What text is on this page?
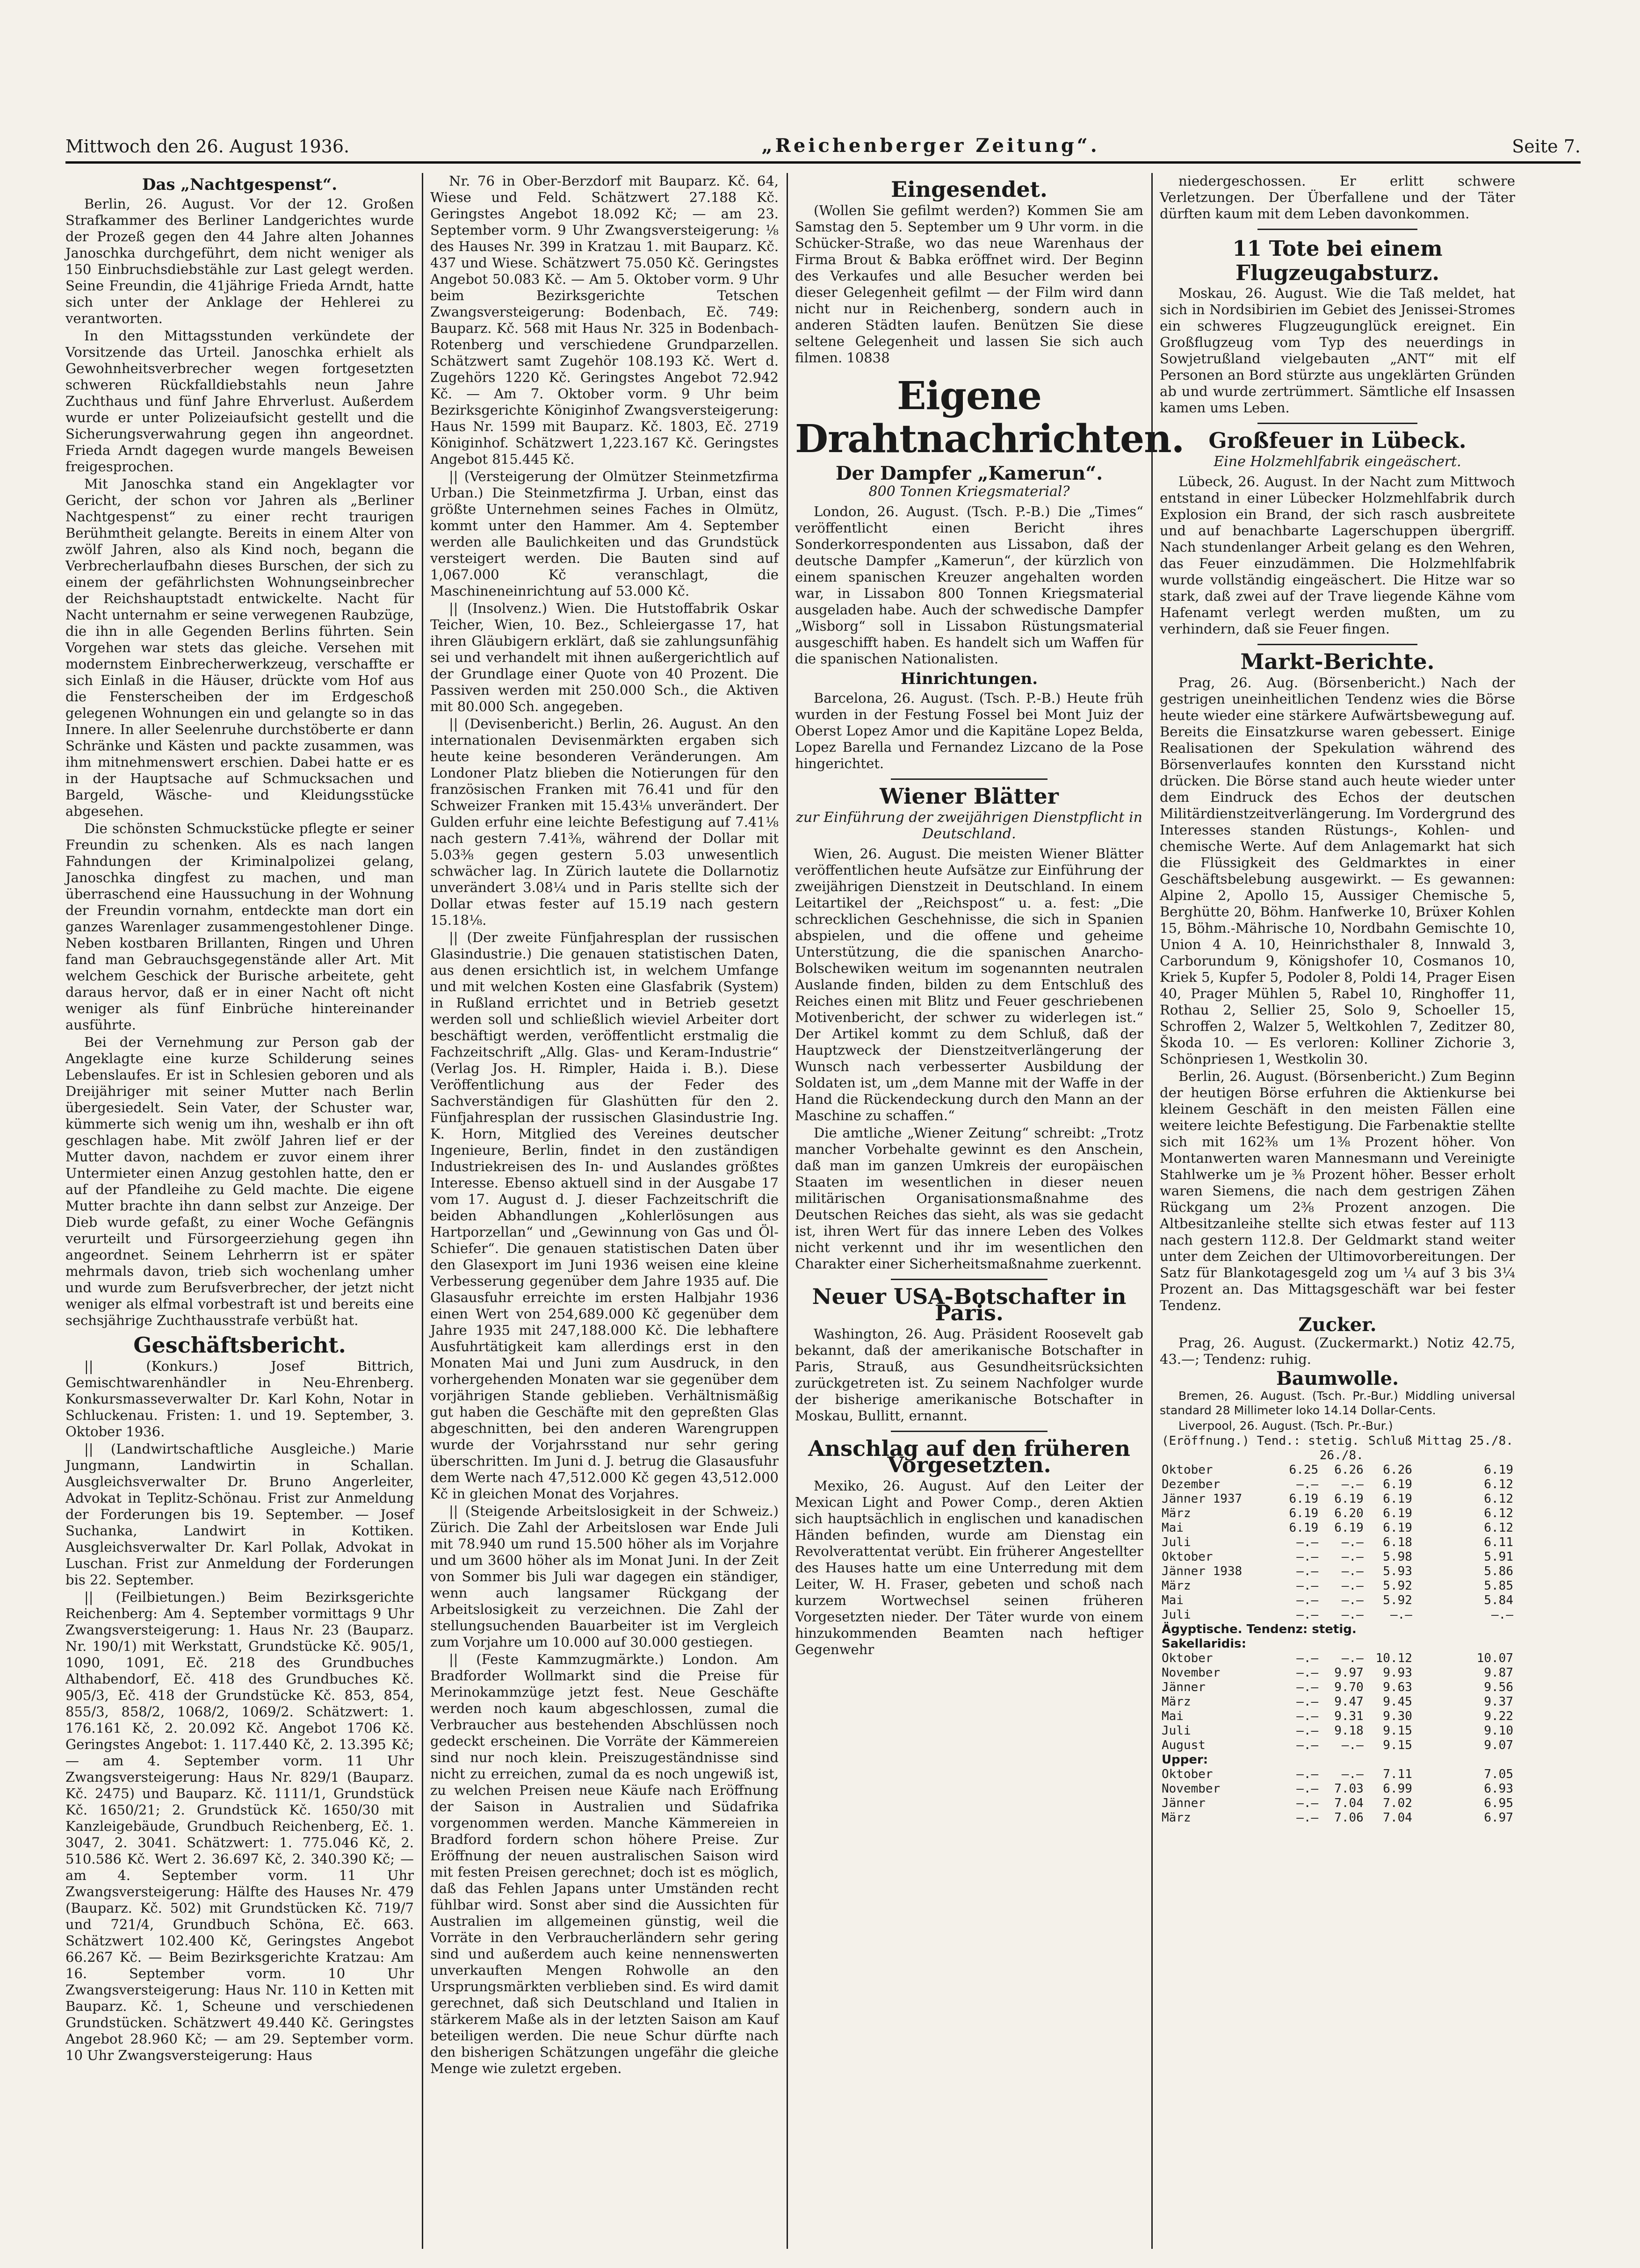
Mittwoch den 26. August 1936.	„Reichenberger Zeitung“.	Seite 7.
Das „Nachtgespenst“.

Berlin, 26. August. Vor der 12. Großen Strafkammer des Berliner Landgerichtes wurde der Prozeß gegen den 44 Jahre alten Johannes Janoschka durchgeführt, dem nicht weniger als 150 Einbruchsdiebstähle zur Last gelegt werden. Seine Freundin, die 41jährige Frieda Arndt, hatte sich unter der Anklage der Hehlerei zu verantworten.

In den Mittagsstunden verkündete der Vorsitzende das Urteil. Janoschka erhielt als Gewohnheitsverbrecher wegen fortgesetzten schweren Rückfalldiebstahls neun Jahre Zuchthaus und fünf Jahre Ehrverlust. Außerdem wurde er unter Polizeiaufsicht gestellt und die Sicherungsverwahrung gegen ihn angeordnet. Frieda Arndt dagegen wurde mangels Beweisen freigesprochen.

Mit Janoschka stand ein Angeklagter vor Gericht, der schon vor Jahren als „Berliner Nachtgespenst“ zu einer recht traurigen Berühmtheit gelangte. Bereits in einem Alter von zwölf Jahren, also als Kind noch, begann die Verbrecherlaufbahn dieses Burschen, der sich zu einem der gefährlichsten Wohnungseinbrecher der Reichshauptstadt entwickelte. Nacht für Nacht unternahm er seine verwegenen Raubzüge, die ihn in alle Gegenden Berlins führten. Sein Vorgehen war stets das gleiche. Versehen mit modernstem Einbrecherwerkzeug, verschaffte er sich Einlaß in die Häuser, drückte vom Hof aus die Fensterscheiben der im Erdgeschoß gelegenen Wohnungen ein und gelangte so in das Innere. In aller Seelenruhe durchstöberte er dann Schränke und Kästen und packte zusammen, was ihm mitnehmenswert erschien. Dabei hatte er es in der Hauptsache auf Schmucksachen und Bargeld, Wäsche- und Kleidungsstücke abgesehen.

Die schönsten Schmuckstücke pflegte er seiner Freundin zu schenken. Als es nach langen Fahndungen der Kriminalpolizei gelang, Janoschka dingfest zu machen, und man überraschend eine Haussuchung in der Wohnung der Freundin vornahm, entdeckte man dort ein ganzes Warenlager zusammengestohlener Dinge. Neben kostbaren Brillanten, Ringen und Uhren fand man Gebrauchsgegenstände aller Art. Mit welchem Geschick der Burische arbeitete, geht daraus hervor, daß er in einer Nacht oft nicht weniger als fünf Einbrüche hintereinander ausführte.

Bei der Vernehmung zur Person gab der Angeklagte eine kurze Schilderung seines Lebenslaufes. Er ist in Schlesien geboren und als Dreijähriger mit seiner Mutter nach Berlin übergesiedelt. Sein Vater, der Schuster war, kümmerte sich wenig um ihn, weshalb er ihn oft geschlagen habe. Mit zwölf Jahren lief er der Mutter davon, nachdem er zuvor einem ihrer Untermieter einen Anzug gestohlen hatte, den er auf der Pfandleihe zu Geld machte. Die eigene Mutter brachte ihn dann selbst zur Anzeige. Der Dieb wurde gefaßt, zu einer Woche Gefängnis verurteilt und Fürsorgeerziehung gegen ihn angeordnet. Seinem Lehrherrn ist er später mehrmals davon, trieb sich wochenlang umher und wurde zum Berufsverbrecher, der jetzt nicht weniger als elfmal vorbestraft ist und bereits eine sechsjährige Zuchthausstrafe verbüßt hat.

Geschäftsbericht.

|| (Konkurs.) Josef Bittrich, Gemischtwarenhändler in Neu-Ehrenberg. Konkursmasseverwalter Dr. Karl Kohn, Notar in Schluckenau. Fristen: 1. und 19. September, 3. Oktober 1936.

|| (Landwirtschaftliche Ausgleiche.) Marie Jungmann, Landwirtin in Schallan. Ausgleichsverwalter Dr. Bruno Angerleiter, Advokat in Teplitz-Schönau. Frist zur Anmeldung der Forderungen bis 19. September. — Josef Suchanka, Landwirt in Kottiken. Ausgleichsverwalter Dr. Karl Pollak, Advokat in Luschan. Frist zur Anmeldung der Forderungen bis 22. September.

|| (Feilbietungen.) Beim Bezirksgerichte Reichenberg: Am 4. September vormittags 9 Uhr Zwangsversteigerung: 1. Haus Nr. 23 (Bauparz. Nr. 190/1) mit Werkstatt, Grundstücke Kč. 905/1, 1090, 1091, Eč. 218 des Grundbuches Althabendorf, Eč. 418 des Grundbuches Kč. 905/3, Eč. 418 der Grundstücke Kč. 853, 854, 855/3, 858/2, 1068/2, 1069/2. Schätzwert: 1. 176.161 Kč, 2. 20.092 Kč. Angebot 1706 Kč. Geringstes Angebot: 1. 117.440 Kč, 2. 13.395 Kč; — am 4. September vorm. 11 Uhr Zwangsversteigerung: Haus Nr. 829/1 (Bauparz. Kč. 2475) und Bauparz. Kč. 1111/1, Grundstück Kč. 1650/21; 2. Grundstück Kč. 1650/30 mit Kanzleigebäude, Grundbuch Reichenberg, Eč. 1. 3047, 2. 3041. Schätzwert: 1. 775.046 Kč, 2. 510.586 Kč. Wert 2. 36.697 Kč, 2. 340.390 Kč; — am 4. September vorm. 11 Uhr Zwangsversteigerung: Hälfte des Hauses Nr. 479 (Bauparz. Kč. 502) mit Grundstücken Kč. 719/7 und 721/4, Grundbuch Schöna, Eč. 663. Schätzwert 102.400 Kč, Geringstes Angebot 66.267 Kč. — Beim Bezirksgerichte Kratzau: Am 16. September vorm. 10 Uhr Zwangsversteigerung: Haus Nr. 110 in Ketten mit Bauparz. Kč. 1, Scheune und verschiedenen Grundstücken. Schätzwert 49.440 Kč. Geringstes Angebot 28.960 Kč; — am 29. September vorm. 10 Uhr Zwangsversteigerung: Haus

Nr. 76 in Ober-Berzdorf mit Bauparz. Kč. 64, Wiese und Feld. Schätzwert 27.188 Kč. Geringstes Angebot 18.092 Kč; — am 23. September vorm. 9 Uhr Zwangsversteigerung: ⅛ des Hauses Nr. 399 in Kratzau 1. mit Bauparz. Kč. 437 und Wiese. Schätzwert 75.050 Kč. Geringstes Angebot 50.083 Kč. — Am 5. Oktober vorm. 9 Uhr beim Bezirksgerichte Tetschen Zwangsversteigerung: Bodenbach, Eč. 749: Bauparz. Kč. 568 mit Haus Nr. 325 in Bodenbach-Rotenberg und verschiedene Grundparzellen. Schätzwert samt Zugehör 108.193 Kč. Wert d. Zugehörs 1220 Kč. Geringstes Angebot 72.942 Kč. — Am 7. Oktober vorm. 9 Uhr beim Bezirksgerichte Königinhof Zwangsversteigerung: Haus Nr. 1599 mit Bauparz. Kč. 1803, Eč. 2719 Königinhof. Schätzwert 1,223.167 Kč. Geringstes Angebot 815.445 Kč.

|| (Versteigerung der Olmützer Steinmetzfirma Urban.) Die Steinmetzfirma J. Urban, einst das größte Unternehmen seines Faches in Olmütz, kommt unter den Hammer. Am 4. September werden alle Baulichkeiten und das Grundstück versteigert werden. Die Bauten sind auf 1,067.000 Kč veranschlagt, die Maschineneinrichtung auf 53.000 Kč.

|| (Insolvenz.) Wien. Die Hutstoffabrik Oskar Teicher, Wien, 10. Bez., Schleiergasse 17, hat ihren Gläubigern erklärt, daß sie zahlungsunfähig sei und verhandelt mit ihnen außergerichtlich auf der Grundlage einer Quote von 40 Prozent. Die Passiven werden mit 250.000 Sch., die Aktiven mit 80.000 Sch. angegeben.

|| (Devisenbericht.) Berlin, 26. August. An den internationalen Devisenmärkten ergaben sich heute keine besonderen Veränderungen. Am Londoner Platz blieben die Notierungen für den französischen Franken mit 76.41 und für den Schweizer Franken mit 15.43⅛ unverändert. Der Gulden erfuhr eine leichte Befestigung auf 7.41⅛ nach gestern 7.41⅜, während der Dollar mit 5.03⅜ gegen gestern 5.03 unwesentlich schwächer lag. In Zürich lautete die Dollarnotiz unverändert 3.08¼ und in Paris stellte sich der Dollar etwas fester auf 15.19 nach gestern 15.18⅛.

|| (Der zweite Fünfjahresplan der russischen Glasindustrie.) Die genauen statistischen Daten, aus denen ersichtlich ist, in welchem Umfange und mit welchen Kosten eine Glasfabrik (System) in Rußland errichtet und in Betrieb gesetzt werden soll und schließlich wieviel Arbeiter dort beschäftigt werden, veröffentlicht erstmalig die Fachzeitschrift „Allg. Glas- und Keram-Industrie“ (Verlag Jos. H. Rimpler, Haida i. B.). Diese Veröffentlichung aus der Feder des Sachverständigen für Glashütten für den 2. Fünfjahresplan der russischen Glasindustrie Ing. K. Horn, Mitglied des Vereines deutscher Ingenieure, Berlin, findet in den zuständigen Industriekreisen des In- und Auslandes größtes Interesse. Ebenso aktuell sind in der Ausgabe 17 vom 17. August d. J. dieser Fachzeitschrift die beiden Abhandlungen „Kohlerlösungen aus Hartporzellan“ und „Gewinnung von Gas und Öl-Schiefer“. Die genauen statistischen Daten über den Glasexport im Juni 1936 weisen eine kleine Verbesserung gegenüber dem Jahre 1935 auf. Die Glasausfuhr erreichte im ersten Halbjahr 1936 einen Wert von 254,689.000 Kč gegenüber dem Jahre 1935 mit 247,188.000 Kč. Die lebhaftere Ausfuhrtätigkeit kam allerdings erst in den Monaten Mai und Juni zum Ausdruck, in den vorhergehenden Monaten war sie gegenüber dem vorjährigen Stande geblieben. Verhältnismäßig gut haben die Geschäfte mit den gepreßten Glas abgeschnitten, bei den anderen Warengruppen wurde der Vorjahrsstand nur sehr gering überschritten. Im Juni d. J. betrug die Glasausfuhr dem Werte nach 47,512.000 Kč gegen 43,512.000 Kč in gleichen Monat des Vorjahres.

|| (Steigende Arbeitslosigkeit in der Schweiz.) Zürich. Die Zahl der Arbeitslosen war Ende Juli mit 78.940 um rund 15.500 höher als im Vorjahre und um 3600 höher als im Monat Juni. In der Zeit von Sommer bis Juli war dagegen ein ständiger, wenn auch langsamer Rückgang der Arbeitslosigkeit zu verzeichnen. Die Zahl der stellungsuchenden Bauarbeiter ist im Vergleich zum Vorjahre um 10.000 auf 30.000 gestiegen.

|| (Feste Kammzugmärkte.) London. Am Bradforder Wollmarkt sind die Preise für Merinokammzüge jetzt fest. Neue Geschäfte werden noch kaum abgeschlossen, zumal die Verbraucher aus bestehenden Abschlüssen noch gedeckt erscheinen. Die Vorräte der Kämmereien sind nur noch klein. Preiszugeständnisse sind nicht zu erreichen, zumal da es noch ungewiß ist, zu welchen Preisen neue Käufe nach Eröffnung der Saison in Australien und Südafrika vorgenommen werden. Manche Kämmereien in Bradford fordern schon höhere Preise. Zur Eröffnung der neuen australischen Saison wird mit festen Preisen gerechnet; doch ist es möglich, daß das Fehlen Japans unter Umständen recht fühlbar wird. Sonst aber sind die Aussichten für Australien im allgemeinen günstig, weil die Vorräte in den Verbraucherländern sehr gering sind und außerdem auch keine nennenswerten unverkauften Mengen Rohwolle an den Ursprungsmärkten verblieben sind. Es wird damit gerechnet, daß sich Deutschland und Italien in stärkerem Maße als in der letzten Saison am Kauf beteiligen werden. Die neue Schur dürfte nach den bisherigen Schätzungen ungefähr die gleiche Menge wie zuletzt ergeben.

Eingesendet.

(Wollen Sie gefilmt werden?) Kommen Sie am Samstag den 5. September um 9 Uhr vorm. in die Schücker-Straße, wo das neue Warenhaus der Firma Brout & Babka eröffnet wird. Der Beginn des Verkaufes und alle Besucher werden bei dieser Gelegenheit gefilmt — der Film wird dann nicht nur in Reichenberg, sondern auch in anderen Städten laufen. Benützen Sie diese seltene Gelegenheit und lassen Sie sich auch filmen. 10838

Eigene Drahtnachrichten.
Der Dampfer „Kamerun“.
800 Tonnen Kriegsmaterial?

London, 26. August. (Tsch. P.-B.) Die „Times“ veröffentlicht einen Bericht ihres Sonderkorrespondenten aus Lissabon, daß der deutsche Dampfer „Kamerun“, der kürzlich von einem spanischen Kreuzer angehalten worden war, in Lissabon 800 Tonnen Kriegsmaterial ausgeladen habe. Auch der schwedische Dampfer „Wisborg“ soll in Lissabon Rüstungsmaterial ausgeschifft haben. Es handelt sich um Waffen für die spanischen Nationalisten.

Hinrichtungen.

Barcelona, 26. August. (Tsch. P.-B.) Heute früh wurden in der Festung Fossel bei Mont Juiz der Oberst Lopez Amor und die Kapitäne Lopez Belda, Lopez Barella und Fernandez Lizcano de la Pose hingerichtet.

Wiener Blätter
zur Einführung der zweijährigen Dienstpflicht in Deutschland.

Wien, 26. August. Die meisten Wiener Blätter veröffentlichen heute Aufsätze zur Einführung der zweijährigen Dienstzeit in Deutschland. In einem Leitartikel der „Reichspost“ u. a. fest: „Die schrecklichen Geschehnisse, die sich in Spanien abspielen, und die offene und geheime Unterstützung, die die spanischen Anarcho-Bolschewiken weitum im sogenannten neutralen Auslande finden, bilden zu dem Entschluß des Reiches einen mit Blitz und Feuer geschriebenen Motivenbericht, der schwer zu widerlegen ist.“ Der Artikel kommt zu dem Schluß, daß der Hauptzweck der Dienstzeitverlängerung der Wunsch nach verbesserter Ausbildung der Soldaten ist, um „dem Manne mit der Waffe in der Hand die Rückendeckung durch den Mann an der Maschine zu schaffen.“

Die amtliche „Wiener Zeitung“ schreibt: „Trotz mancher Vorbehalte gewinnt es den Anschein, daß man im ganzen Umkreis der europäischen Staaten im wesentlichen in dieser neuen militärischen Organisationsmaßnahme des Deutschen Reiches das sieht, als was sie gedacht ist, ihren Wert für das innere Leben des Volkes nicht verkennt und ihr im wesentlichen den Charakter einer Sicherheitsmaßnahme zuerkennt.

Neuer USA-Botschafter in Paris.

Washington, 26. Aug. Präsident Roosevelt gab bekannt, daß der amerikanische Botschafter in Paris, Strauß, aus Gesundheitsrücksichten zurückgetreten ist. Zu seinem Nachfolger wurde der bisherige amerikanische Botschafter in Moskau, Bullitt, ernannt.

Anschlag auf den früheren Vorgesetzten.

Mexiko, 26. August. Auf den Leiter der Mexican Light and Power Comp., deren Aktien sich hauptsächlich in englischen und kanadischen Händen befinden, wurde am Dienstag ein Revolverattentat verübt. Ein früherer Angestellter des Hauses hatte um eine Unterredung mit dem Leiter, W. H. Fraser, gebeten und schoß nach kurzem Wortwechsel seinen früheren Vorgesetzten nieder. Der Täter wurde von einem hinzukommenden Beamten nach heftiger Gegenwehr

niedergeschossen. Er erlitt schwere Verletzungen. Der Überfallene und der Täter dürften kaum mit dem Leben davonkommen.

11 Tote bei einem Flugzeugabsturz.

Moskau, 26. August. Wie die Taß meldet, hat sich in Nordsibirien im Gebiet des Jenissei-Stromes ein schweres Flugzeugunglück ereignet. Ein Großflugzeug vom Typ des neuerdings in Sowjetrußland vielgebauten „ANT“ mit elf Personen an Bord stürzte aus ungeklärten Gründen ab und wurde zertrümmert. Sämtliche elf Insassen kamen ums Leben.

Großfeuer in Lübeck.
Eine Holzmehlfabrik eingeäschert.

Lübeck, 26. August. In der Nacht zum Mittwoch entstand in einer Lübecker Holzmehlfabrik durch Explosion ein Brand, der sich rasch ausbreitete und auf benachbarte Lagerschuppen übergriff. Nach stundenlanger Arbeit gelang es den Wehren, das Feuer einzudämmen. Die Holzmehlfabrik wurde vollständig eingeäschert. Die Hitze war so stark, daß zwei auf der Trave liegende Kähne vom Hafenamt verlegt werden mußten, um zu verhindern, daß sie Feuer fingen.

Markt-Berichte.

Prag, 26. Aug. (Börsenbericht.) Nach der gestrigen uneinheitlichen Tendenz wies die Börse heute wieder eine stärkere Aufwärtsbewegung auf. Bereits die Einsatzkurse waren gebessert. Einige Realisationen der Spekulation während des Börsenverlaufes konnten den Kursstand nicht drücken. Die Börse stand auch heute wieder unter dem Eindruck des Echos der deutschen Militärdienstzeitverlängerung. Im Vordergrund des Interesses standen Rüstungs-, Kohlen- und chemische Werte. Auf dem Anlagemarkt hat sich die Flüssigkeit des Geldmarktes in einer Geschäftsbelebung ausgewirkt. — Es gewannen: Alpine 2, Apollo 15, Aussiger Chemische 5, Berghütte 20, Böhm. Hanfwerke 10, Brüxer Kohlen 15, Böhm.-Mährische 10, Nordbahn Gemischte 10, Union 4 A. 10, Heinrichsthaler 8, Innwald 3, Carborundum 9, Königshofer 10, Cosmanos 10, Kriek 5, Kupfer 5, Podoler 8, Poldi 14, Prager Eisen 40, Prager Mühlen 5, Rabel 10, Ringhoffer 11, Rothau 2, Sellier 25, Solo 9, Schoeller 15, Schroffen 2, Walzer 5, Weltkohlen 7, Zeditzer 80, Škoda 10. — Es verloren: Kolliner Zichorie 3, Schönpriesen 1, Westkolin 30.

Berlin, 26. August. (Börsenbericht.) Zum Beginn der heutigen Börse erfuhren die Aktienkurse bei kleinem Geschäft in den meisten Fällen eine weitere leichte Befestigung. Die Farbenaktie stellte sich mit 162⅜ um 1⅜ Prozent höher. Von Montanwerten waren Mannesmann und Vereinigte Stahlwerke um je ⅜ Prozent höher. Besser erholt waren Siemens, die nach dem gestrigen Zähen Rückgang um 2⅜ Prozent anzogen. Die Altbesitzanleihe stellte sich etwas fester auf 113 nach gestern 112.8. Der Geldmarkt stand weiter unter dem Zeichen der Ultimovorbereitungen. Der Satz für Blankotagesgeld zog um ¼ auf 3 bis 3¼ Prozent an. Das Mittagsgeschäft war bei fester Tendenz.

Zucker.

Prag, 26. August. (Zuckermarkt.) Notiz 42.75, 43.—; Tendenz: ruhig.

Baumwolle.

Bremen, 26. August. (Tsch. Pr.-Bur.) Middling universal standard 28 Millimeter loko 14.14 Dollar-Cents.

Liverpool, 26. August. (Tsch. Pr.-Bur.)

(Eröffnung.) Tend.: stetig.			Schluß	Mittag 25./8.
26./8.				
Oktober	6.25	6.26	6.26	6.19
Dezember	—.—	—.—	6.19	6.12
Jänner 1937	6.19	6.19	6.19	6.12
März	6.19	6.20	6.19	6.12
Mai	6.19	6.19	6.19	6.12
Juli	—.—	—.—	6.18	6.11
Oktober	—.—	—.—	5.98	5.91
Jänner 1938	—.—	—.—	5.93	5.86
März	—.—	—.—	5.92	5.85
Mai	—.—	—.—	5.92	5.84
Juli	—.—	—.—	—.—	—.—
Ägyptische. Tendenz: stetig.				
Sakellaridis:				
Oktober	—.—	—.—	10.12	10.07
November	—.—	9.97	9.93	9.87
Jänner	—.—	9.70	9.63	9.56
März	—.—	9.47	9.45	9.37
Mai	—.—	9.31	9.30	9.22
Juli	—.—	9.18	9.15	9.10
August	—.—	—.—	9.15	9.07
Upper:				
Oktober	—.—	—.—	7.11	7.05
November	—.—	7.03	6.99	6.93
Jänner	—.—	7.04	7.02	6.95
März	—.—	7.06	7.04	6.97
